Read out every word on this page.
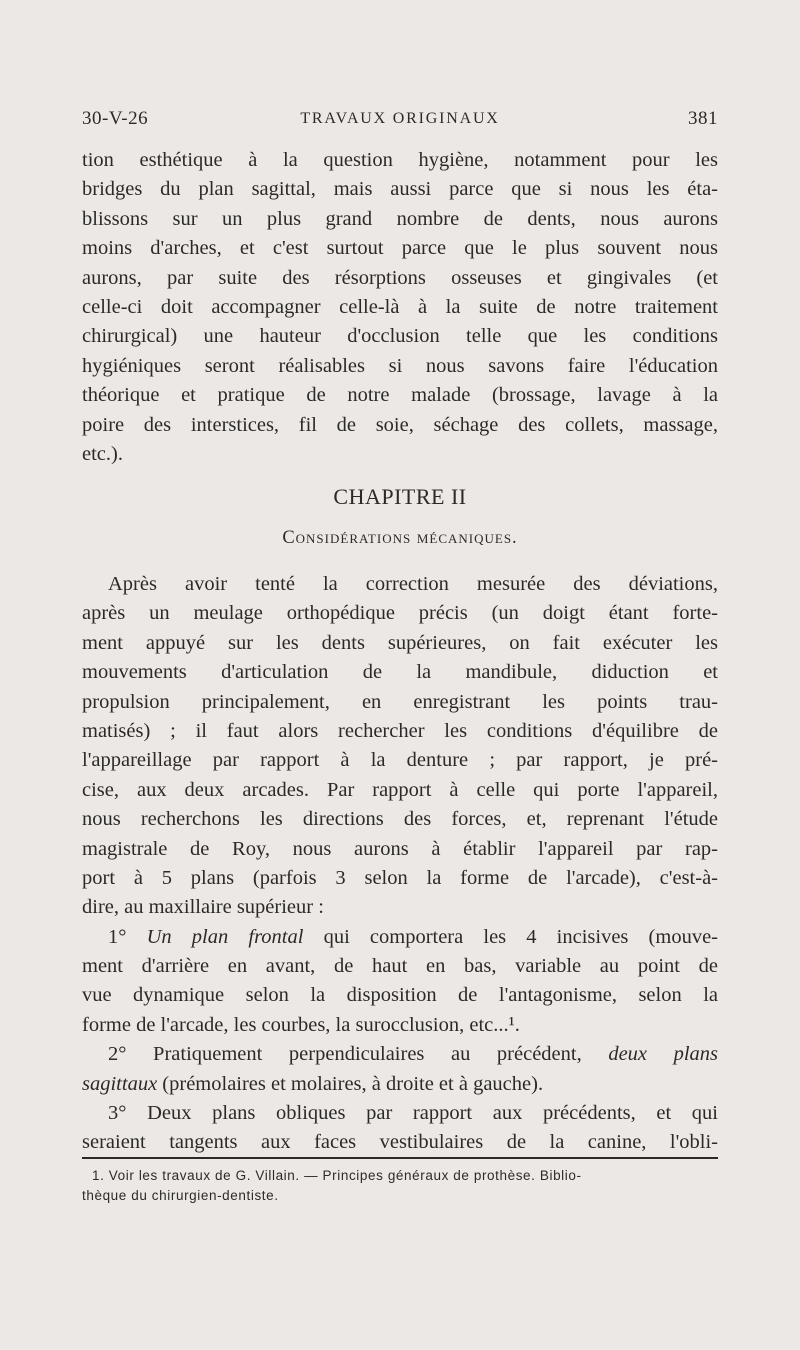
30-V-26	TRAVAUX ORIGINAUX	381
tion esthétique à la question hygiène, notamment pour les
bridges du plan sagittal, mais aussi parce que si nous les éta-
blissons sur un plus grand nombre de dents, nous aurons
moins d'arches, et c'est surtout parce que le plus souvent nous
aurons, par suite des résorptions osseuses et gingivales (et
celle-ci doit accompagner celle-là à la suite de notre traitement
chirurgical) une hauteur d'occlusion telle que les conditions
hygiéniques seront réalisables si nous savons faire l'éducation
théorique et pratique de notre malade (brossage, lavage à la
poire des interstices, fil de soie, séchage des collets, massage,
etc.).
CHAPITRE II
Considérations mécaniques.
Après avoir tenté la correction mesurée des déviations,
après un meulage orthopédique précis (un doigt étant forte-
ment appuyé sur les dents supérieures, on fait exécuter les
mouvements d'articulation de la mandibule, diduction et
propulsion principalement, en enregistrant les points trau-
matisés) ; il faut alors rechercher les conditions d'équilibre de
l'appareillage par rapport à la denture ; par rapport, je pré-
cise, aux deux arcades. Par rapport à celle qui porte l'appareil,
nous recherchons les directions des forces, et, reprenant l'étude
magistrale de Roy, nous aurons à établir l'appareil par rap-
port à 5 plans (parfois 3 selon la forme de l'arcade), c'est-à-
dire, au maxillaire supérieur :
1° Un plan frontal qui comportera les 4 incisives (mouve-
ment d'arrière en avant, de haut en bas, variable au point de
vue dynamique selon la disposition de l'antagonisme, selon la
forme de l'arcade, les courbes, la surocclusion, etc...¹.
2° Pratiquement perpendiculaires au précédent, deux plans
sagittaux (prémolaires et molaires, à droite et à gauche).
3° Deux plans obliques par rapport aux précédents, et qui
seraient tangents aux faces vestibulaires de la canine, l'obli-
1. Voir les travaux de G. Villain. — Principes généraux de prothèse. Biblio-
thèque du chirurgien-dentiste.
